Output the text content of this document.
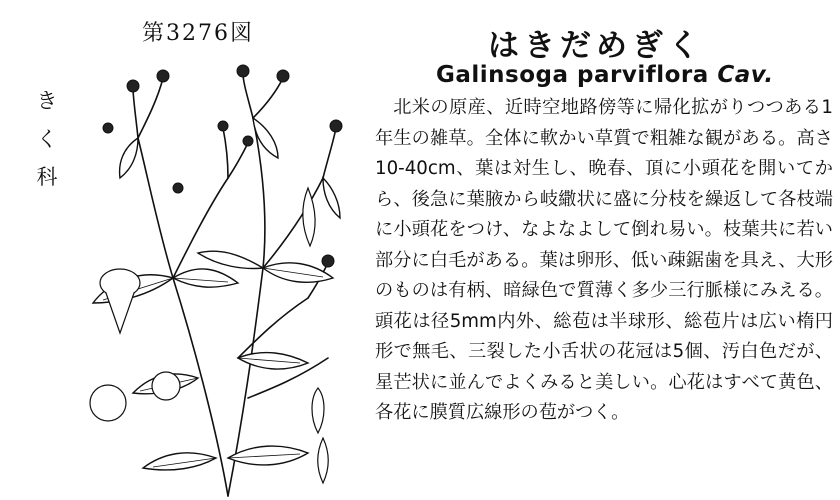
第3276図
き
く
科
はきだめぎく
Galinsoga parviflora Cav.

北米の原産、近時空地路傍等に帰化拡がりつつある1年生の雑草。全体に軟かい草質で粗雑な観がある。高さ10-40cm、葉は対生し、晩春、頂に小頭花を開いてから、後急に葉腋から岐繖状に盛に分枝を繰返して各枝端に小頭花をつけ、なよなよして倒れ易い。枝葉共に若い部分に白毛がある。葉は卵形、低い疎鋸歯を具え、大形のものは有柄、暗緑色で質薄く多少三行脈様にみえる。頭花は径5mm内外、総苞は半球形、総苞片は広い楕円形で無毛、三裂した小舌状の花冠は5個、汚白色だが、星芒状に並んでよくみると美しい。心花はすべて黄色、各花に膜質広線形の苞がつく。
